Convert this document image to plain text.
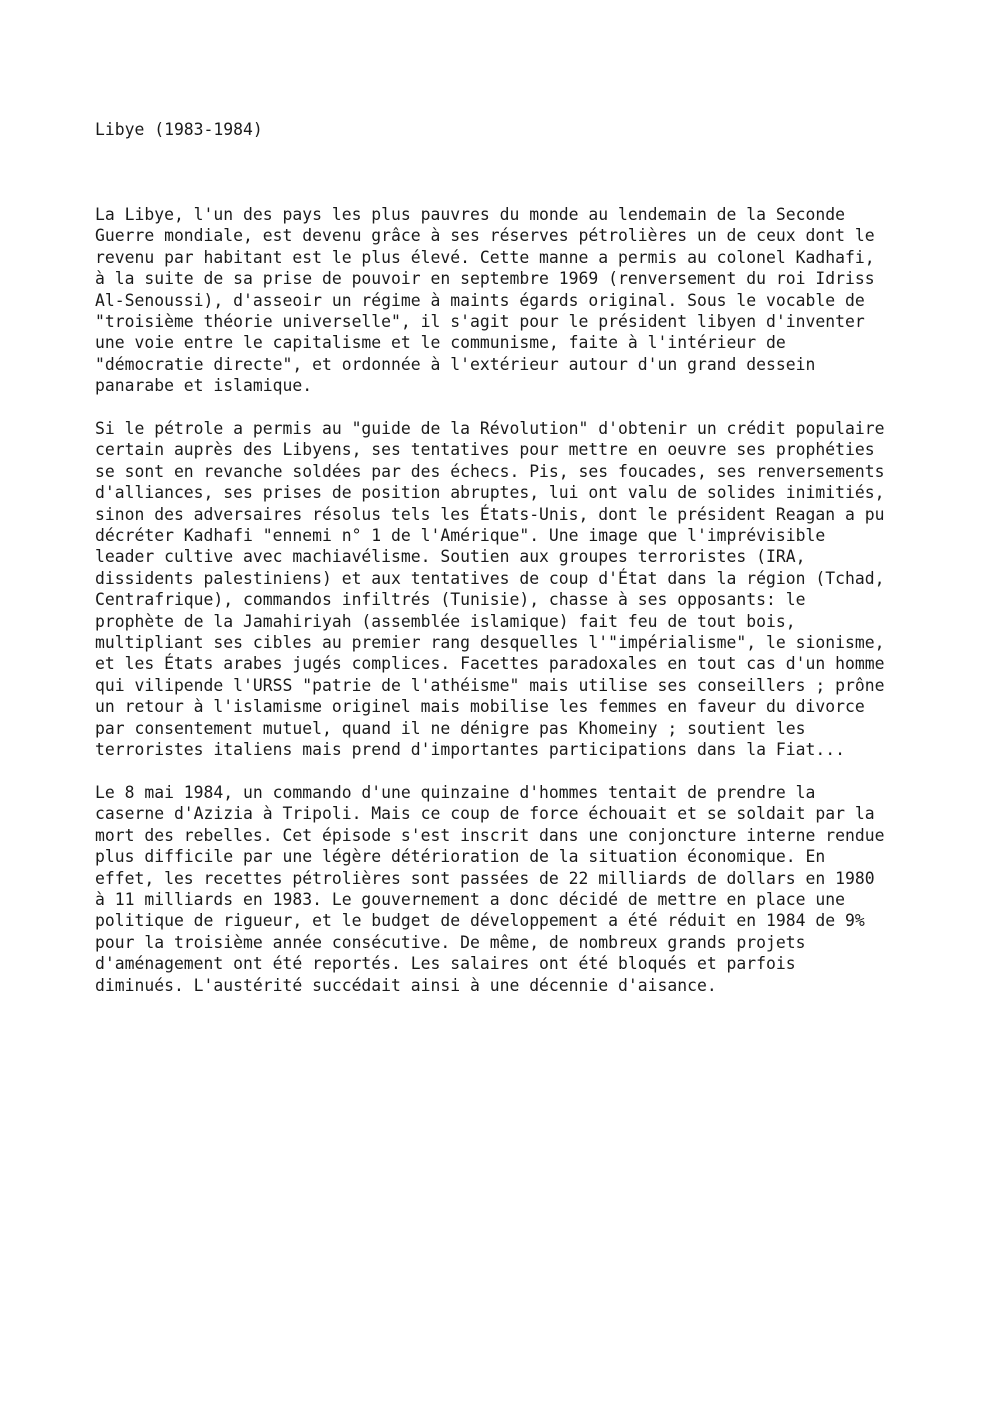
Libye (1983-1984)
La Libye, l'un des pays les plus pauvres du monde au lendemain de la Seconde
Guerre mondiale, est devenu grâce à ses réserves pétrolières un de ceux dont le
revenu par habitant est le plus élevé. Cette manne a permis au colonel Kadhafi,
à la suite de sa prise de pouvoir en septembre 1969 (renversement du roi Idriss
Al-Senoussi), d'asseoir un régime à maints égards original. Sous le vocable de
"troisième théorie universelle", il s'agit pour le président libyen d'inventer
une voie entre le capitalisme et le communisme, faite à l'intérieur de
"démocratie directe", et ordonnée à l'extérieur autour d'un grand dessein
panarabe et islamique.
Si le pétrole a permis au "guide de la Révolution" d'obtenir un crédit populaire
certain auprès des Libyens, ses tentatives pour mettre en oeuvre ses prophéties
se sont en revanche soldées par des échecs. Pis, ses foucades, ses renversements
d'alliances, ses prises de position abruptes, lui ont valu de solides inimitiés,
sinon des adversaires résolus tels les États-Unis, dont le président Reagan a pu
décréter Kadhafi "ennemi n° 1 de l'Amérique". Une image que l'imprévisible
leader cultive avec machiavélisme. Soutien aux groupes terroristes (IRA,
dissidents palestiniens) et aux tentatives de coup d'État dans la région (Tchad,
Centrafrique), commandos infiltrés (Tunisie), chasse à ses opposants: le
prophète de la Jamahiriyah (assemblée islamique) fait feu de tout bois,
multipliant ses cibles au premier rang desquelles l'"impérialisme", le sionisme,
et les États arabes jugés complices. Facettes paradoxales en tout cas d'un homme
qui vilipende l'URSS "patrie de l'athéisme" mais utilise ses conseillers ; prône
un retour à l'islamisme originel mais mobilise les femmes en faveur du divorce
par consentement mutuel, quand il ne dénigre pas Khomeiny ; soutient les
terroristes italiens mais prend d'importantes participations dans la Fiat...
Le 8 mai 1984, un commando d'une quinzaine d'hommes tentait de prendre la
caserne d'Azizia à Tripoli. Mais ce coup de force échouait et se soldait par la
mort des rebelles. Cet épisode s'est inscrit dans une conjoncture interne rendue
plus difficile par une légère détérioration de la situation économique. En
effet, les recettes pétrolières sont passées de 22 milliards de dollars en 1980
à 11 milliards en 1983. Le gouvernement a donc décidé de mettre en place une
politique de rigueur, et le budget de développement a été réduit en 1984 de 9%
pour la troisième année consécutive. De même, de nombreux grands projets
d'aménagement ont été reportés. Les salaires ont été bloqués et parfois
diminués. L'austérité succédait ainsi à une décennie d'aisance.
